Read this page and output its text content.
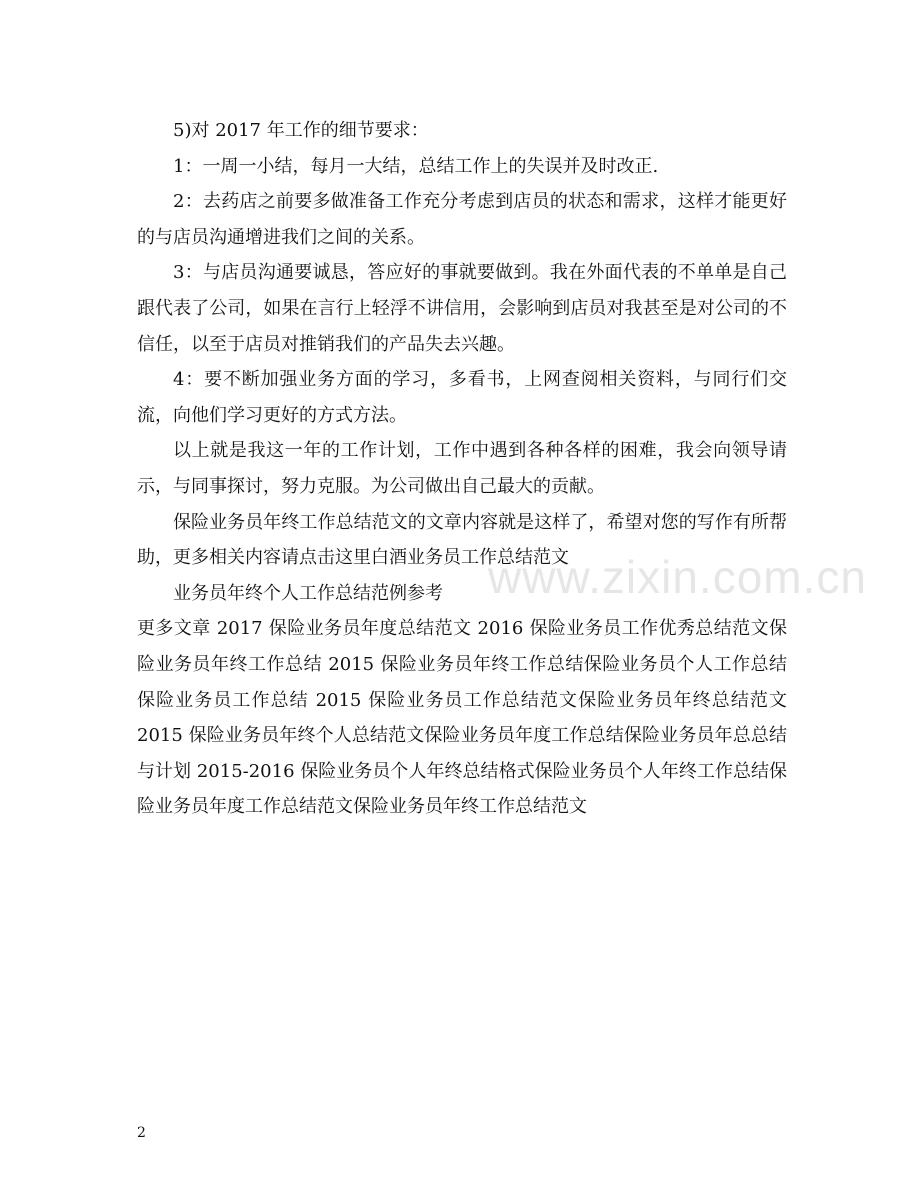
www.zixin.com.cn

5)对 2017 年工作的细节要求：

1：一周一小结，每月一大结，总结工作上的失误并及时改正.

2：去药店之前要多做准备工作充分考虑到店员的状态和需求，这样才能更好的与店员沟通增进我们之间的关系。

3：与店员沟通要诚恳，答应好的事就要做到。我在外面代表的不单单是自己跟代表了公司，如果在言行上轻浮不讲信用，会影响到店员对我甚至是对公司的不信任，以至于店员对推销我们的产品失去兴趣。

4：要不断加强业务方面的学习，多看书，上网查阅相关资料，与同行们交流，向他们学习更好的方式方法。

以上就是我这一年的工作计划，工作中遇到各种各样的困难，我会向领导请示，与同事探讨，努力克服。为公司做出自己最大的贡献。

保险业务员年终工作总结范文的文章内容就是这样了，希望对您的写作有所帮助，更多相关内容请点击这里白酒业务员工作总结范文

业务员年终个人工作总结范例参考

更多文章 2017 保险业务员年度总结范文 2016 保险业务员工作优秀总结范文保险业务员年终工作总结 2015 保险业务员年终工作总结保险业务员个人工作总结保险业务员工作总结 2015 保险业务员工作总结范文保险业务员年终总结范文 2015 保险业务员年终个人总结范文保险业务员年度工作总结保险业务员年总总结与计划 2015-2016 保险业务员个人年终总结格式保险业务员个人年终工作总结保险业务员年度工作总结范文保险业务员年终工作总结范文

2
